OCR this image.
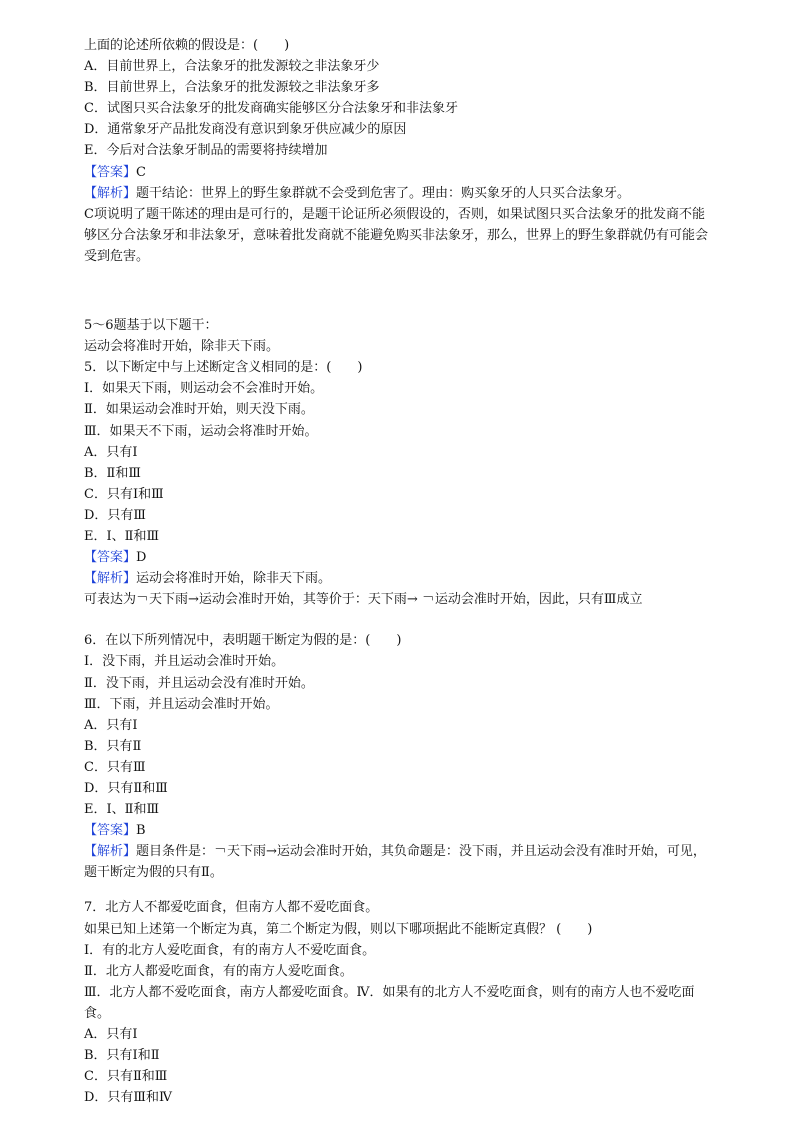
上面的论述所依赖的假设是：(　　)
A．目前世界上，合法象牙的批发源较之非法象牙少
B．目前世界上，合法象牙的批发源较之非法象牙多
C．试图只买合法象牙的批发商确实能够区分合法象牙和非法象牙
D．通常象牙产品批发商没有意识到象牙供应减少的原因
E．今后对合法象牙制品的需要将持续增加
【答案】C
【解析】题干结论：世界上的野生象群就不会受到危害了。理由：购买象牙的人只买合法象牙。
C项说明了题干陈述的理由是可行的，是题干论证所必须假设的，否则，如果试图只买合法象牙的批发商不能够区分合法象牙和非法象牙，意味着批发商就不能避免购买非法象牙，那么，世界上的野生象群就仍有可能会受到危害。
5～6题基于以下题干：
运动会将准时开始，除非天下雨。
5．以下断定中与上述断定含义相同的是：(　　)
Ⅰ．如果天下雨，则运动会不会准时开始。
Ⅱ．如果运动会准时开始，则天没下雨。
Ⅲ．如果天不下雨，运动会将准时开始。
A．只有Ⅰ
B．Ⅱ和Ⅲ
C．只有Ⅰ和Ⅲ
D．只有Ⅲ
E．Ⅰ、Ⅱ和Ⅲ
【答案】D
【解析】运动会将准时开始，除非天下雨。
可表达为￢天下雨→运动会准时开始，其等价于：天下雨→ ￢运动会准时开始，因此，只有Ⅲ成立
6．在以下所列情况中，表明题干断定为假的是：(　　)
Ⅰ．没下雨，并且运动会准时开始。
Ⅱ．没下雨，并且运动会没有准时开始。
Ⅲ．下雨，并且运动会准时开始。
A．只有Ⅰ
B．只有Ⅱ
C．只有Ⅲ
D．只有Ⅱ和Ⅲ
E．Ⅰ、Ⅱ和Ⅲ
【答案】B
【解析】题目条件是：￢天下雨→运动会准时开始，其负命题是：没下雨，并且运动会没有准时开始，可见，题干断定为假的只有Ⅱ。
7．北方人不都爱吃面食，但南方人都不爱吃面食。
如果已知上述第一个断定为真，第二个断定为假，则以下哪项据此不能断定真假？ (　　)
Ⅰ．有的北方人爱吃面食，有的南方人不爱吃面食。
Ⅱ．北方人都爱吃面食，有的南方人爱吃面食。
Ⅲ．北方人都不爱吃面食，南方人都爱吃面食。Ⅳ．如果有的北方人不爱吃面食，则有的南方人也不爱吃面食。
A．只有Ⅰ
B．只有Ⅰ和Ⅱ
C．只有Ⅱ和Ⅲ
D．只有Ⅲ和Ⅳ
